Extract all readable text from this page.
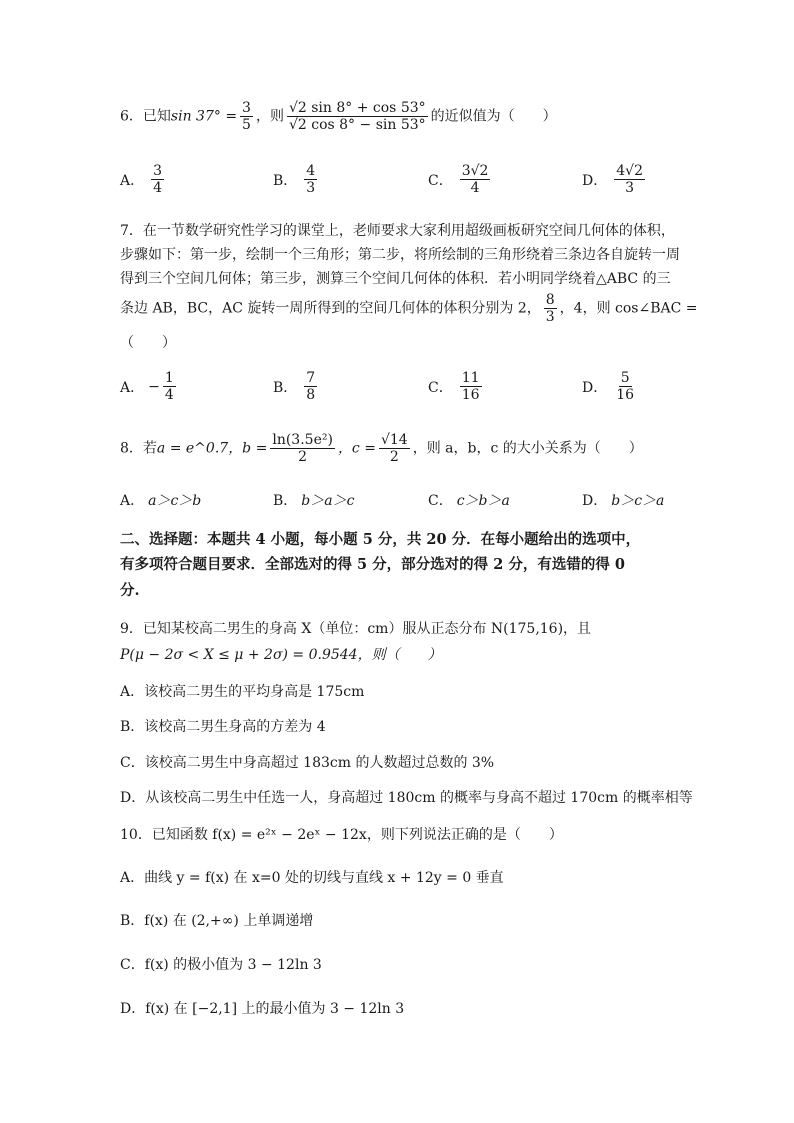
6．已知$\sin 37^\circ = \frac{3}{5}$ ，则 $\frac{√2 \sin 8^\circ + \cos 53^\circ}{√2 \cos 8^\circ - \sin 53^\circ}$ 的近似值为（　　）
A． $\frac{3}{4}$	B． $\frac{4}{3}$	C． $\frac{3√2}{4}$	D． $\frac{4√2}{3}$
7．在一节数学研究性学习的课堂上，老师要求大家利用超级画板研究空间几何体的体积，
步骤如下：第一步，绘制一个三角形；第二步，将所绘制的三角形绕着三条边各自旋转一周
得到三个空间几何体；第三步，测算三个空间几何体的体积．若小明同学绕着△ABC 的三
条边 AB，BC，AC 旋转一周所得到的空间几何体的体积分别为 2， $\frac{8}{3}$ ，4，则 cos∠BAC =
（　　）
A． − $\frac{1}{4}$	B． $\frac{7}{8}$	C． $\frac{11}{16}$	D． $\frac{5}{16}$
8．若a = e^0.7，$b = \frac{\text{ln(3.5e²)}}{2}$ ，$c = \frac{√14}{2}$ ，则 a，b，c 的大小关系为（　　）
A． a＞c＞b	B． b＞a＞c	C． c＞b＞a	D． b＞c＞a
二、选择题：本题共 4 小题，每小题 5 分，共 20 分．在每小题给出的选项中，
有多项符合题目要求．全部选对的得 5 分，部分选对的得 2 分，有选错的得 0
分.
9．已知某校高二男生的身高 X（单位：cm）服从正态分布 N(175,16)，且
P(μ − 2σ < X ≤ μ + 2σ) = 0.9544，则（　　）
A．该校高二男生的平均身高是 175cm
B．该校高二男生身高的方差为 4
C．该校高二男生中身高超过 183cm 的人数超过总数的 3%
D．从该校高二男生中任选一人，身高超过 180cm 的概率与身高不超过 170cm 的概率相等
10．已知函数 f(x) = e²ˣ − 2eˣ − 12x，则下列说法正确的是（　　）
A．曲线 y = f(x) 在 x=0 处的切线与直线 x + 12y = 0 垂直
B．f(x) 在 (2,+∞) 上单调递增
C．f(x) 的极小值为 3 − 12ln 3
D．f(x) 在 [−2,1] 上的最小值为 3 − 12ln 3
